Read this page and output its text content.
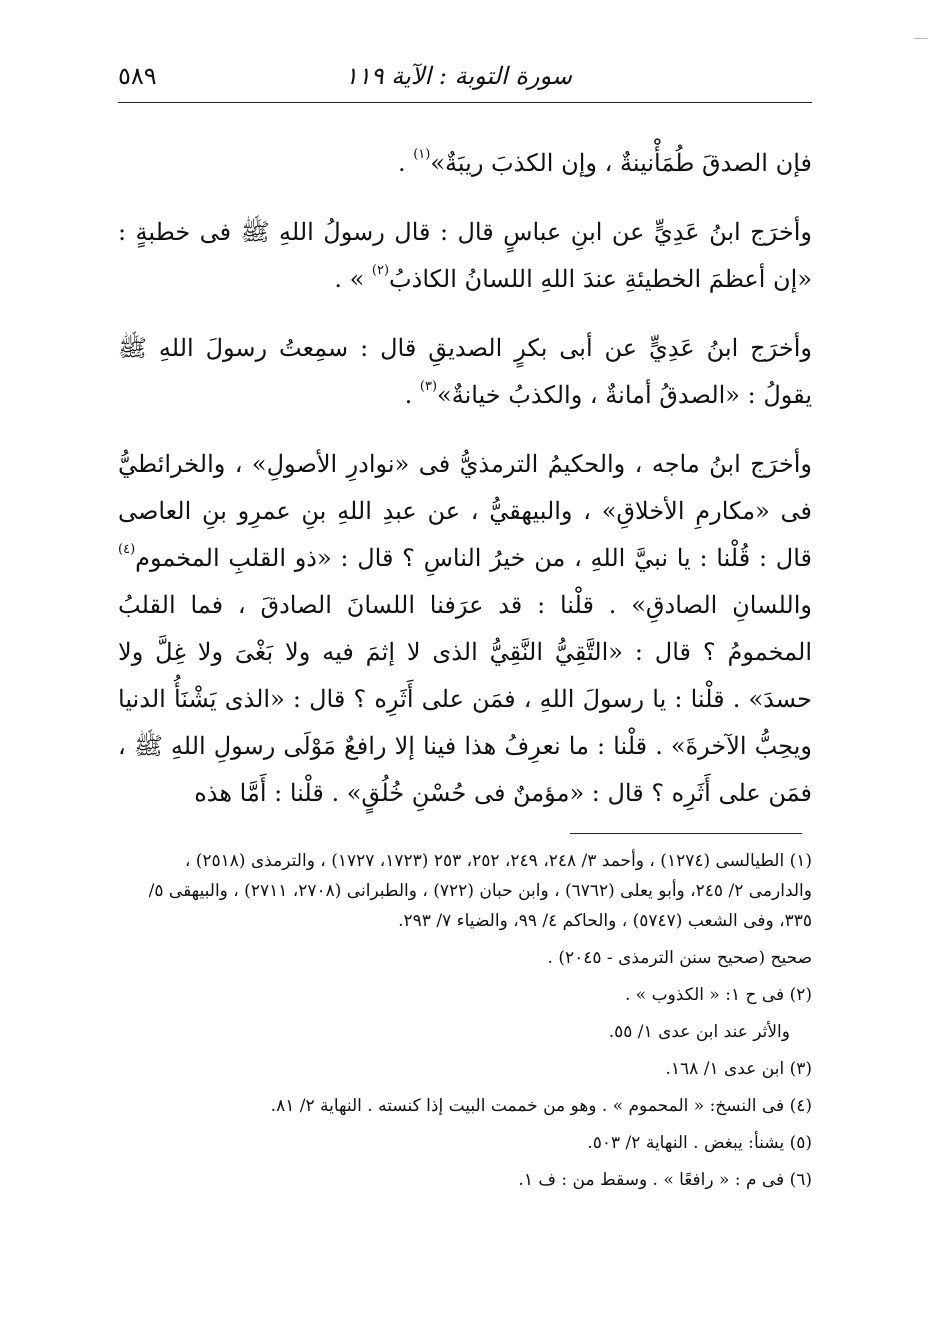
سورة التوبة : الآية ١١٩
٥٨٩

فإن الصدقَ طُمَأْنينةٌ ، وإن الكذبَ ريبَةٌ»$^{(١)}$ .

وأخرَج ابنُ عَدِيٍّ عن ابنِ عباسٍ قال : قال رسولُ اللهِ ﷺ فى خطبةٍ : «إن أعظمَ الخطيئةِ عندَ اللهِ اللسانُ الكاذبُ$^{(٢)}$ » .

وأخرَج ابنُ عَدِيٍّ عن أبى بكرٍ الصديقِ قال : سمِعتُ رسولَ اللهِ ﷺ يقولُ : «الصدقُ أمانةٌ ، والكذبُ خيانةٌ»$^{(٣)}$ .

وأخرَج ابنُ ماجه ، والحكيمُ الترمذيُّ فى «نوادرِ الأصولِ» ، والخرائطيُّ فى «مكارمِ الأخلاقِ» ، والبيهقيُّ ، عن عبدِ اللهِ بنِ عمرِو بنِ العاصى قال : قُلْنا : يا نبيَّ اللهِ ، من خيرُ الناسِ ؟ قال : «ذو القلبِ المخموم$^{(٤)}$ واللسانِ الصادقِ» . قلْنا : قد عرَفنا اللسانَ الصادقَ ، فما القلبُ المخمومُ ؟ قال : «التَّقِيُّ النَّقِيُّ الذى لا إثمَ فيه ولا بَغْىَ ولا غِلَّ ولا حسدَ» . قلْنا : يا رسولَ اللهِ ، فمَن على أَثَرِه ؟ قال : «الذى يَشْنَأُ الدنيا ويحِبُّ الآخرةَ» . قلْنا : ما نعرِفُ هذا فينا إلا رافعٌ مَوْلَى رسولِ اللهِ ﷺ ، فمَن على أَثَرِه ؟ قال : «مؤمنٌ فى حُسْنِ خُلُقٍ» . قلْنا : أَمَّا هذه

(١) الطيالسى (١٢٧٤) ، وأحمد ٣/ ٢٤٨، ٢٤٩، ٢٥٢، ٢٥٣ (١٧٢٣، ١٧٢٧) ، والترمذى (٢٥١٨) ، والدارمى ٢/ ٢٤٥، وأبو يعلى (٦٧٦٢) ، وابن حبان (٧٢٢) ، والطبرانى (٢٧٠٨، ٢٧١١) ، والبيهقى ٥/ ٣٣٥، وفى الشعب (٥٧٤٧) ، والحاكم ٤/ ٩٩، والضياء ٧/ ٢٩٣.

صحيح (صحيح سنن الترمذى - ٢٠٤٥) .

(٢) فى ح ١: « الكذوب » .

والأثر عند ابن عدى ١/ ٥٥.

(٣) ابن عدى ١/ ١٦٨.

(٤) فى النسخ: « المحموم » . وهو من خممت البيت إذا كنسته . النهاية ٢/ ٨١.

(٥) يشنأ: يبغض . النهاية ٢/ ٥٠٣.

(٦) فى م : « رافعًا » . وسقط من : ف ١.
